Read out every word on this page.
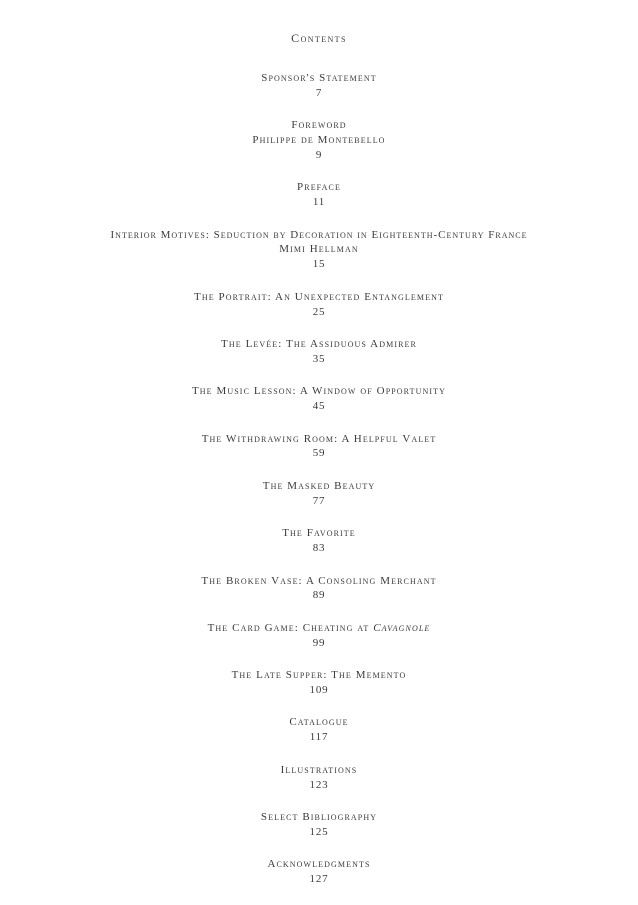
Contents
Sponsor's Statement
7
Foreword
Philippe de Montebello
9
Preface
11
Interior Motives: Seduction by Decoration in Eighteenth-Century France
Mimi Hellman
15
The Portrait: An Unexpected Entanglement
25
The Levée: The Assiduous Admirer
35
The Music Lesson: A Window of Opportunity
45
The Withdrawing Room: A Helpful Valet
59
The Masked Beauty
77
The Favorite
83
The Broken Vase: A Consoling Merchant
89
The Card Game: Cheating at Cavagnole
99
The Late Supper: The Memento
109
Catalogue
117
Illustrations
123
Select Bibliography
125
Acknowledgments
127
